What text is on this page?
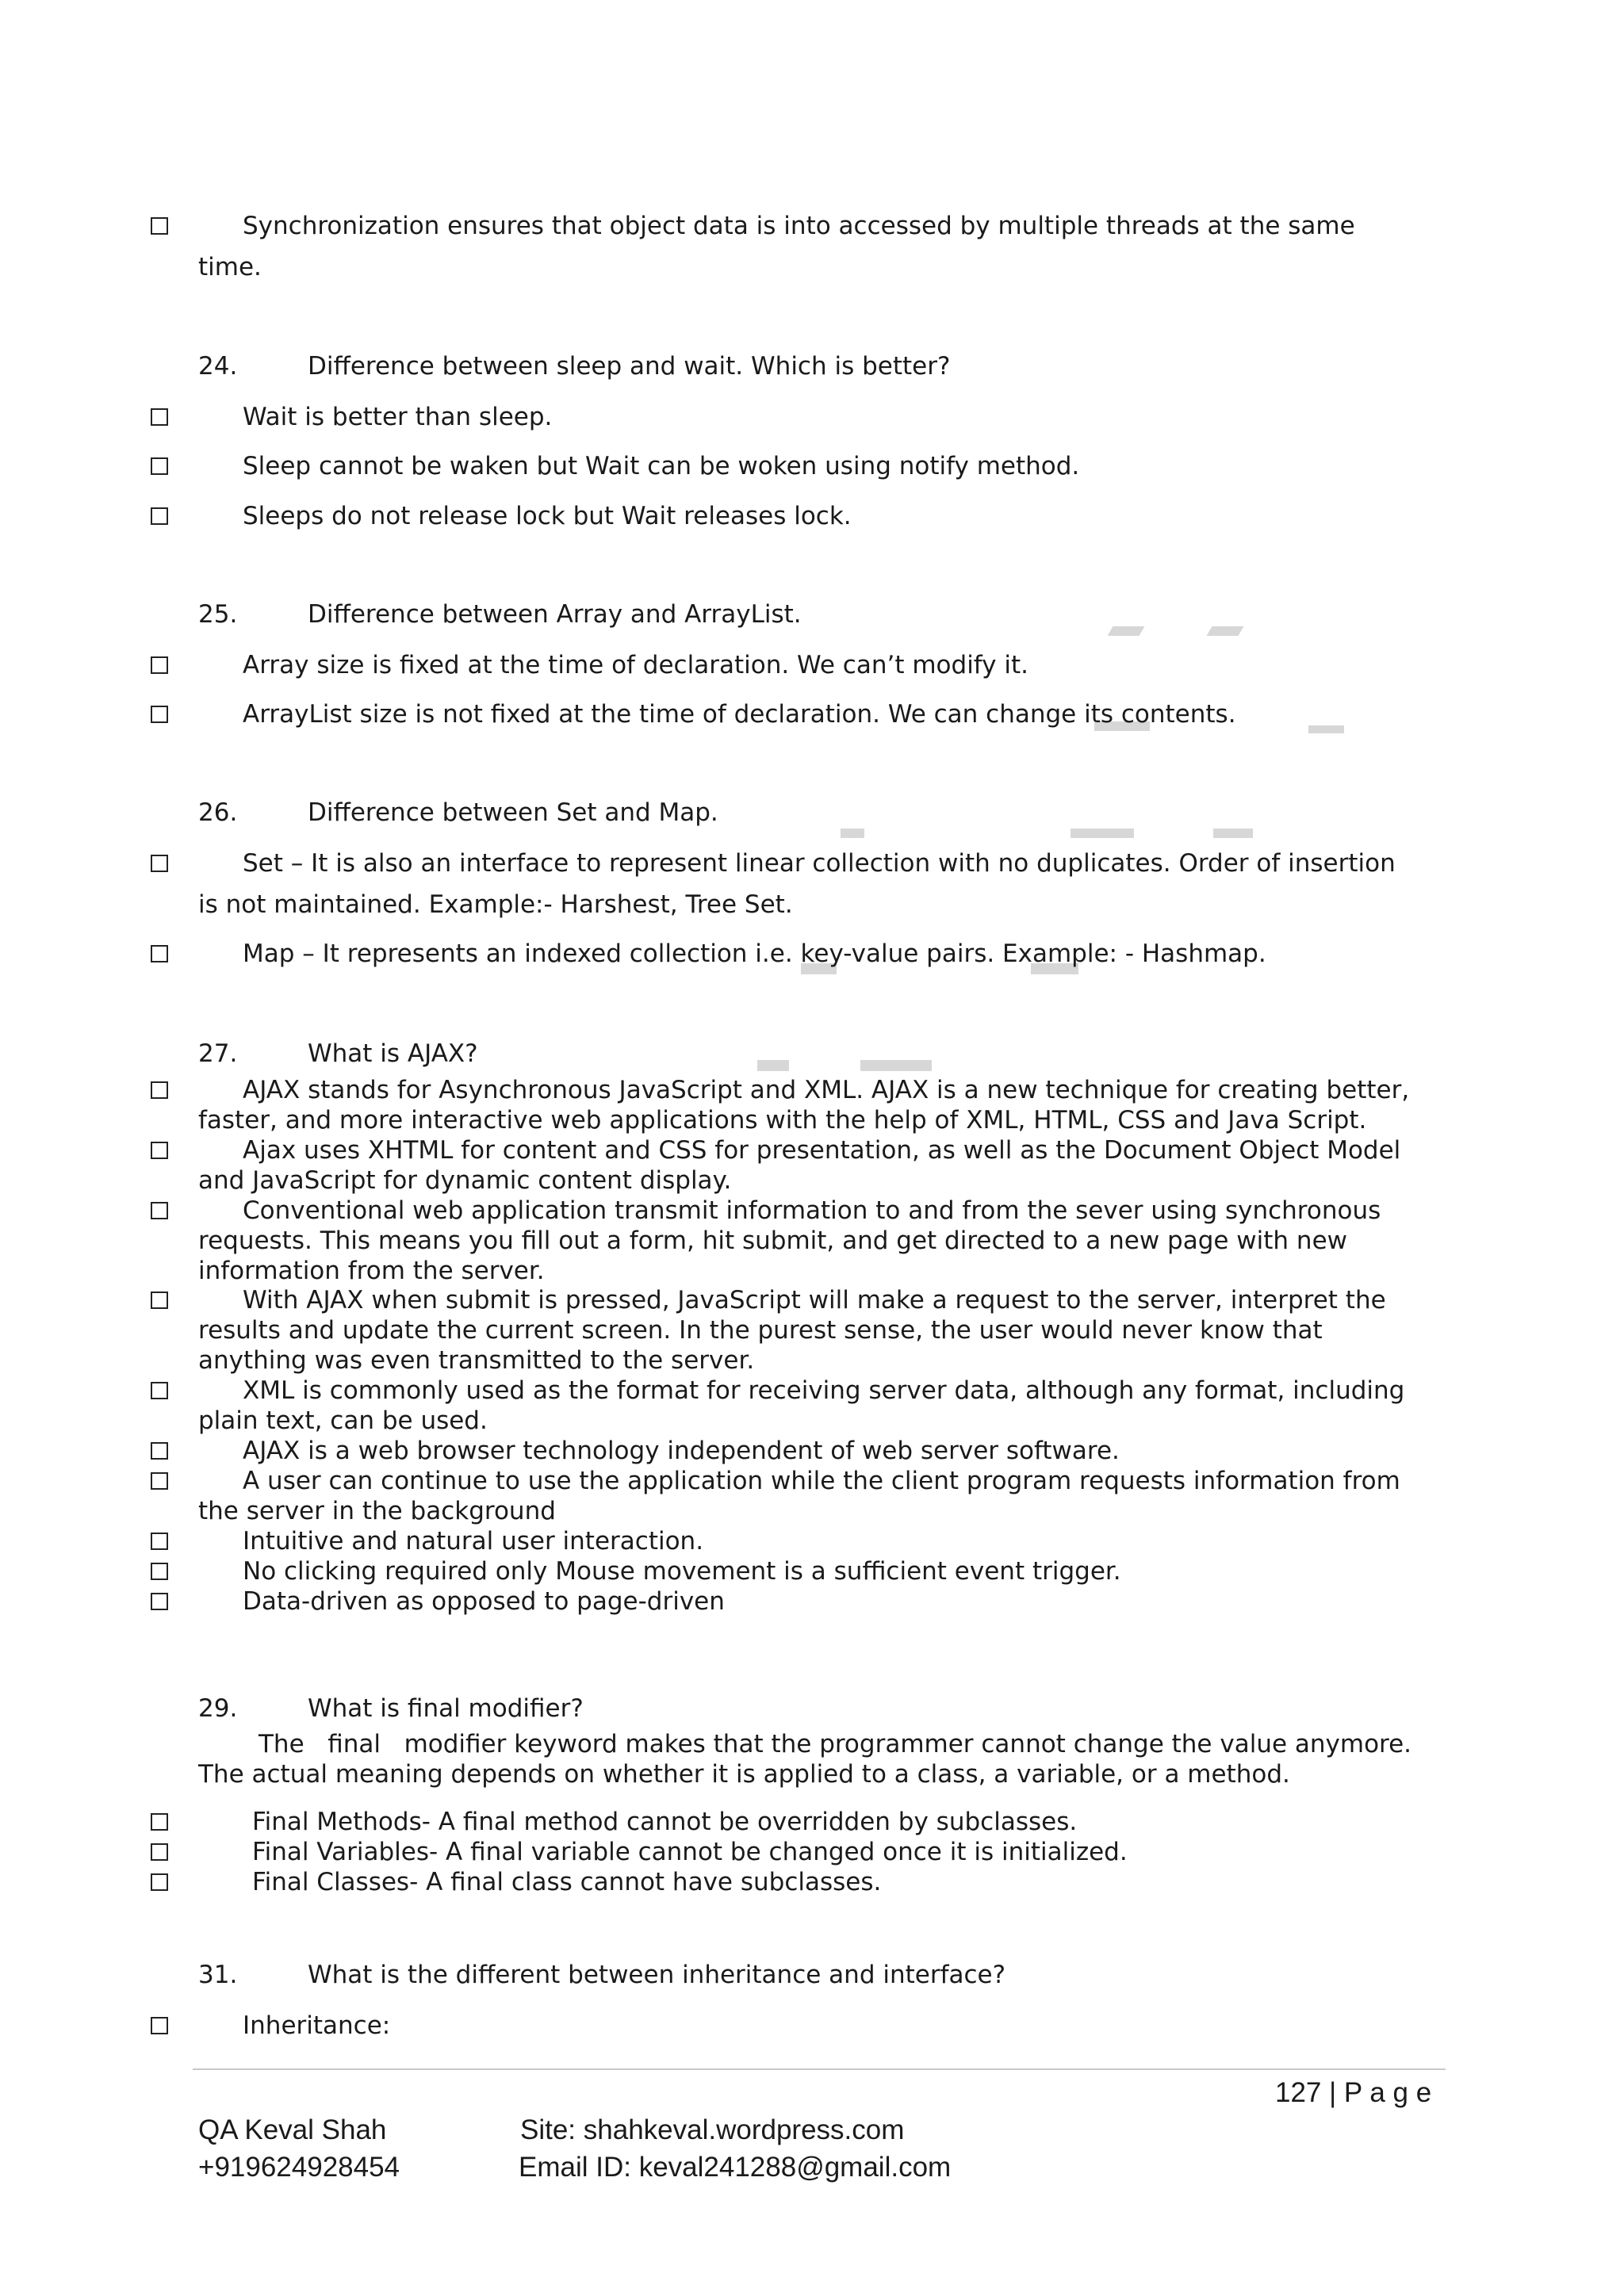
Synchronization ensures that object data is into accessed by multiple threads at the same
time.
24.	Difference between sleep and wait. Which is better?
Wait is better than sleep.
Sleep cannot be waken but Wait can be woken using notify method.
Sleeps do not release lock but Wait releases lock.
25.	Difference between Array and ArrayList.
Array size is fixed at the time of declaration. We can’t modify it.
ArrayList size is not fixed at the time of declaration. We can change its contents.
26.	Difference between Set and Map.
Set – It is also an interface to represent linear collection with no duplicates. Order of insertion
is not maintained. Example:- Harshest, Tree Set.
Map – It represents an indexed collection i.e. key-value pairs. Example: - Hashmap.
27.	What is AJAX?
AJAX stands for Asynchronous JavaScript and XML. AJAX is a new technique for creating better,
faster, and more interactive web applications with the help of XML, HTML, CSS and Java Script.
Ajax uses XHTML for content and CSS for presentation, as well as the Document Object Model
and JavaScript for dynamic content display.
Conventional web application transmit information to and from the sever using synchronous
requests. This means you fill out a form, hit submit, and get directed to a new page with new
information from the server.
With AJAX when submit is pressed, JavaScript will make a request to the server, interpret the
results and update the current screen. In the purest sense, the user would never know that
anything was even transmitted to the server.
XML is commonly used as the format for receiving server data, although any format, including
plain text, can be used.
AJAX is a web browser technology independent of web server software.
A user can continue to use the application while the client program requests information from
the server in the background
Intuitive and natural user interaction.
No clicking required only Mouse movement is a sufficient event trigger.
Data-driven as opposed to page-driven
29.	What is final modifier?
The   final   modifier keyword makes that the programmer cannot change the value anymore.
The actual meaning depends on whether it is applied to a class, a variable, or a method.
Final Methods- A final method cannot be overridden by subclasses.
Final Variables- A final variable cannot be changed once it is initialized.
Final Classes- A final class cannot have subclasses.
31.	What is the different between inheritance and interface?
Inheritance:
127 | P a g e
QA Keval Shah
+919624928454
Site: shahkeval.wordpress.com
Email ID: keval241288@gmail.com
